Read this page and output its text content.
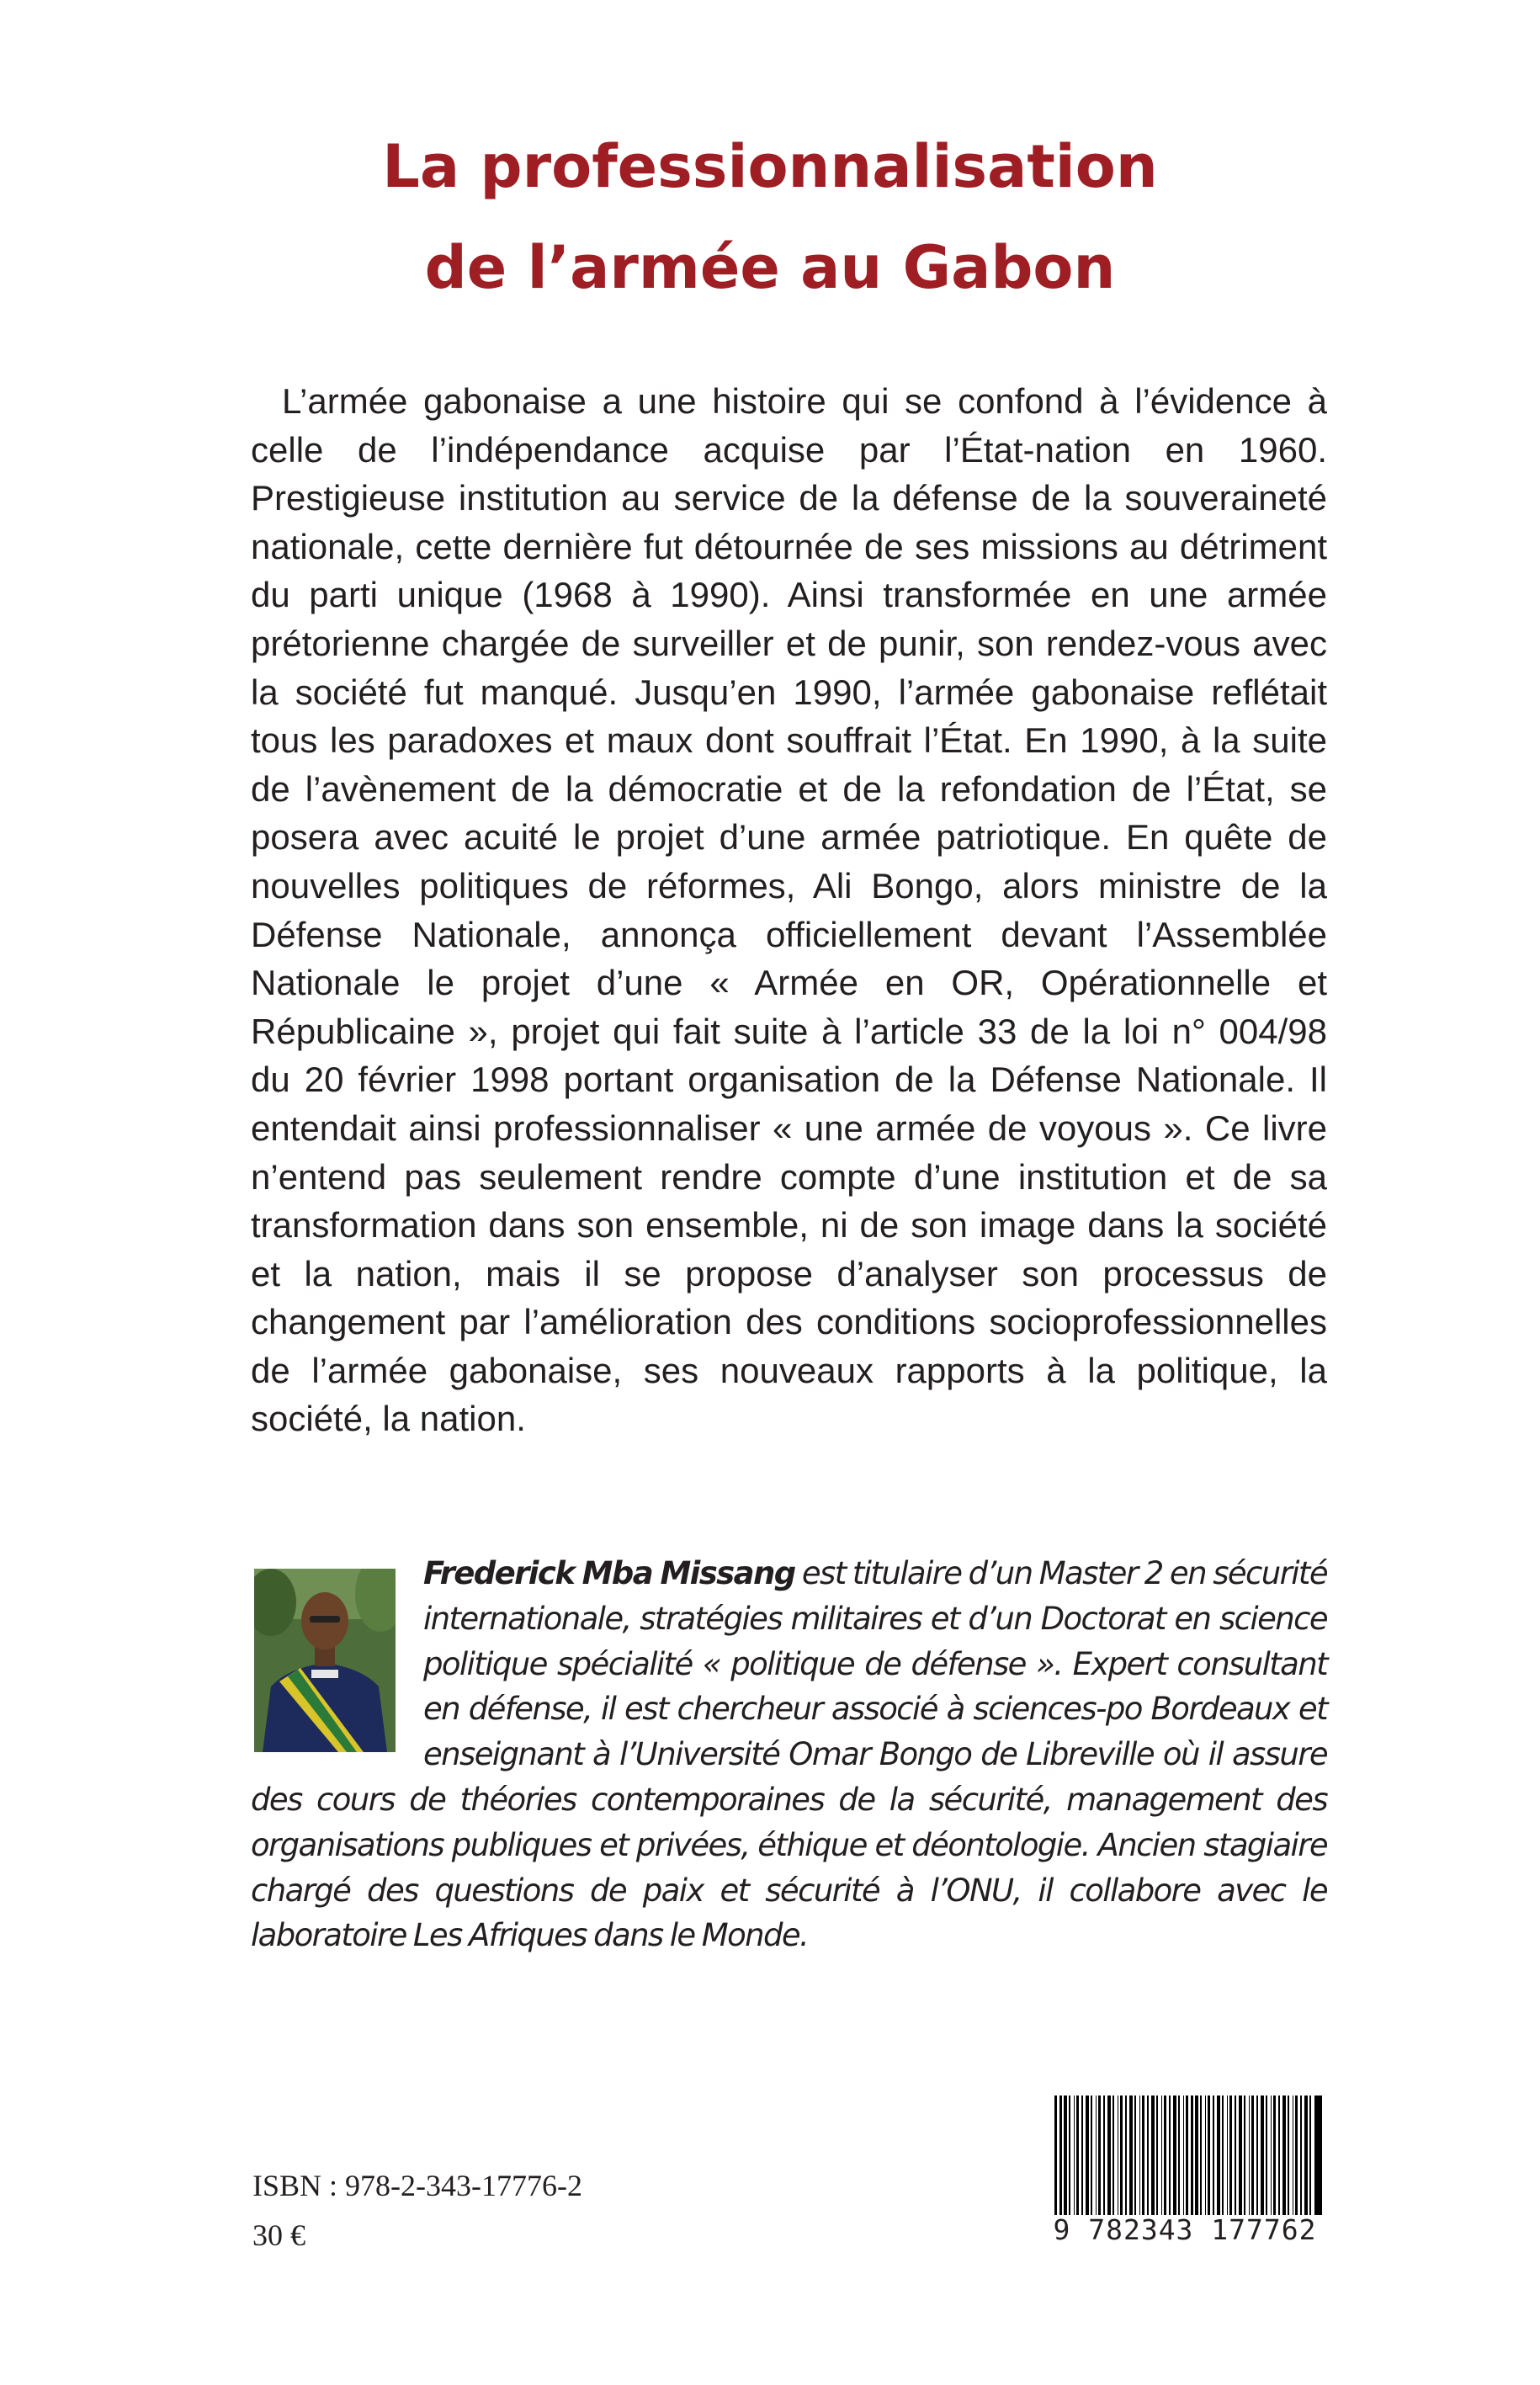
La professionnalisation
de l’armée au Gabon

L’armée gabonaise a une histoire qui se confond à l’évidence à celle de l’indépendance acquise par l’État-nation en 1960. Prestigieuse institution au service de la défense de la souveraineté nationale, cette dernière fut détournée de ses missions au détriment du parti unique (1968 à 1990). Ainsi transformée en une armée prétorienne chargée de surveiller et de punir, son rendez-vous avec la société fut manqué. Jusqu’en 1990, l’armée gabonaise reflétait tous les paradoxes et maux dont souffrait l’État. En 1990, à la suite de l’avènement de la démocratie et de la refondation de l’État, se posera avec acuité le projet d’une armée patriotique. En quête de nouvelles politiques de réformes, Ali Bongo, alors ministre de la Défense Nationale, annonça officiellement devant l’Assemblée Nationale le projet d’une « Armée en OR, Opérationnelle et Républicaine », projet qui fait suite à l’article 33 de la loi n° 004/98 du 20 février 1998 portant organisation de la Défense Nationale. Il entendait ainsi professionnaliser « une armée de voyous ». Ce livre n’entend pas seulement rendre compte d’une institution et de sa transformation dans son ensemble, ni de son image dans la société et la nation, mais il se propose d’analyser son processus de changement par l’amélioration des conditions socioprofessionnelles de l’armée gabonaise, ses nouveaux rapports à la politique, la société, la nation.

Frederick Mba Missang est titulaire d’un Master 2 en sécurité internationale, stratégies militaires et d’un Doctorat en science politique spécialité « politique de défense ». Expert consultant en défense, il est chercheur associé à sciences-po Bordeaux et enseignant à l’Université Omar Bongo de Libreville où il assure des cours de théories contemporaines de la sécurité, management des organisations publiques et privées, éthique et déontologie. Ancien stagiaire chargé des questions de paix et sécurité à l’ONU, il collabore avec le laboratoire Les Afriques dans le Monde.

ISBN : 978-2-343-17776-2
30 €	9 782343 177762
